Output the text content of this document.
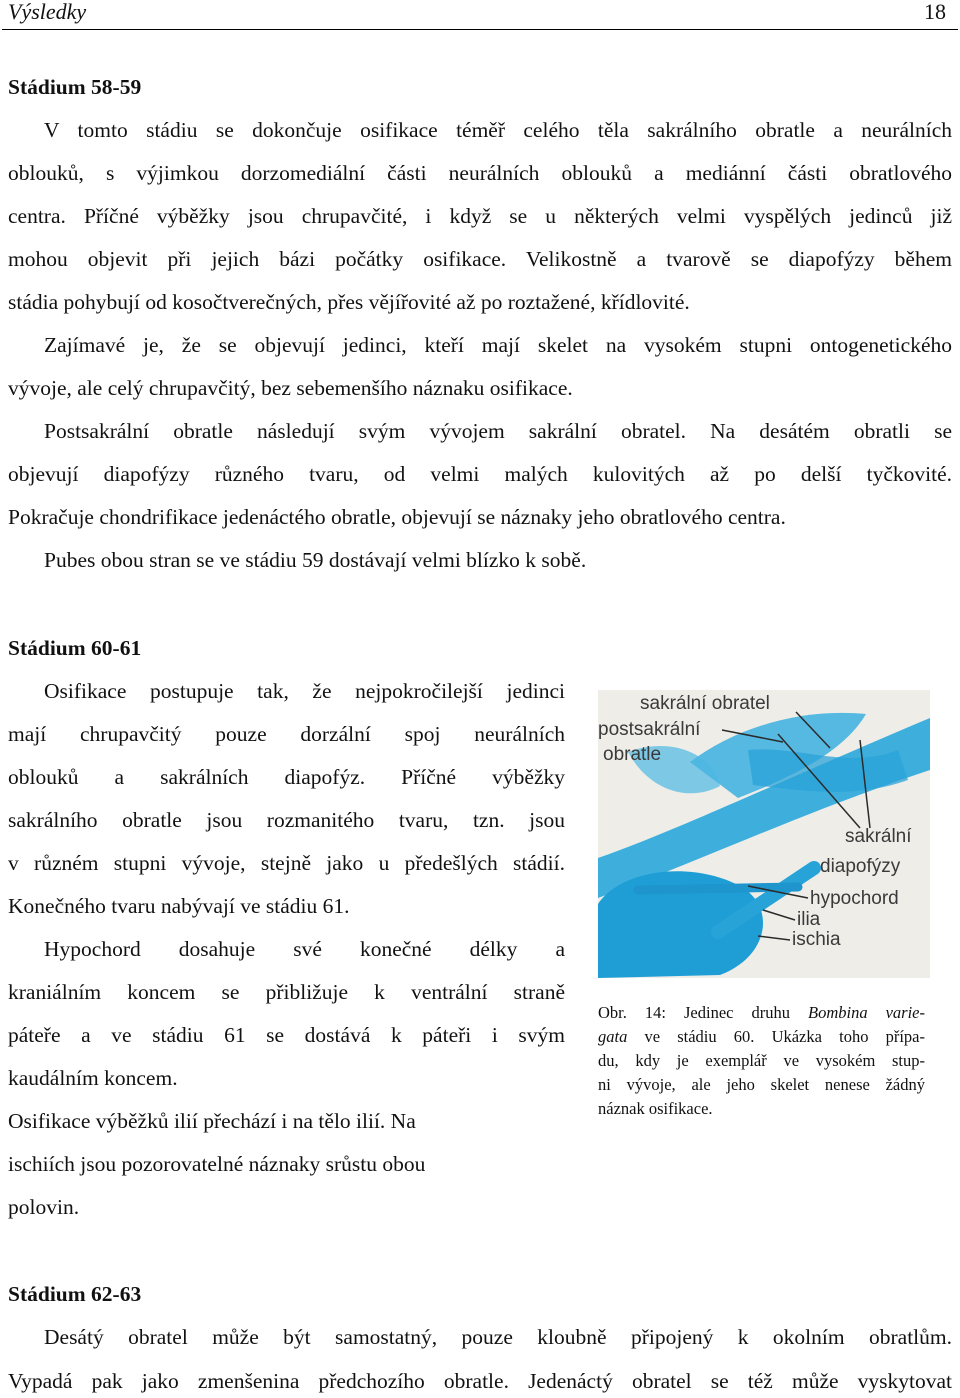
Výsledky	18
Stádium 58-59
V tomto stádiu se dokončuje osifikace téměř celého těla sakrálního obratle a neurálních
oblouků, s výjimkou dorzomediální části neurálních oblouků a mediánní části obratlového
centra. Příčné výběžky jsou chrupavčité, i když se u některých velmi vyspělých jedinců již
mohou objevit při jejich bázi počátky osifikace. Velikostně a tvarově se diapofýzy během
stádia pohybují od kosočtverečných, přes vějířovité až po roztažené, křídlovité.
Zajímavé je, že se objevují jedinci, kteří mají skelet na vysokém stupni ontogenetického
vývoje, ale celý chrupavčitý, bez sebemenšího náznaku osifikace.
Postsakrální obratle následují svým vývojem sakrální obratel. Na desátém obratli se
objevují diapofýzy různého tvaru, od velmi malých kulovitých až po delší tyčkovité.
Pokračuje chondrifikace jedenáctého obratle, objevují se náznaky jeho obratlového centra.
Pubes obou stran se ve stádiu 59 dostávají velmi blízko k sobě.
Stádium 60-61
Osifikace postupuje tak, že nejpokročilejší jedinci
mají chrupavčitý pouze dorzální spoj neurálních
oblouků a sakrálních diapofýz. Příčné výběžky
sakrálního obratle jsou rozmanitého tvaru, tzn. jsou
v různém stupni vývoje, stejně jako u předešlých stádií.
Konečného tvaru nabývají ve stádiu 61.
Hypochord dosahuje své konečné délky a
kraniálním koncem se přibližuje k ventrální straně
páteře a ve stádiu 61 se dostává k páteři i svým
kaudálním koncem.
Osifikace výběžků ilií přechází i na tělo ilií. Na
ischiích jsou pozorovatelné náznaky srůstu obou
polovin.
sakrální obratel
postsakrální
obratle
sakrální
diapofýzy
hypochord
ilia
ischia
Obr. 14: Jedinec druhu Bombina varie-
gata ve stádiu 60. Ukázka toho přípa-
du, kdy je exemplář ve vysokém stup-
ni vývoje, ale jeho skelet nenese žádný
náznak osifikace.
Stádium 62-63
Desátý obratel může být samostatný, pouze kloubně připojený k okolním obratlům.
Vypadá pak jako zmenšenina předchozího obratle. Jedenáctý obratel se též může vyskytovat
